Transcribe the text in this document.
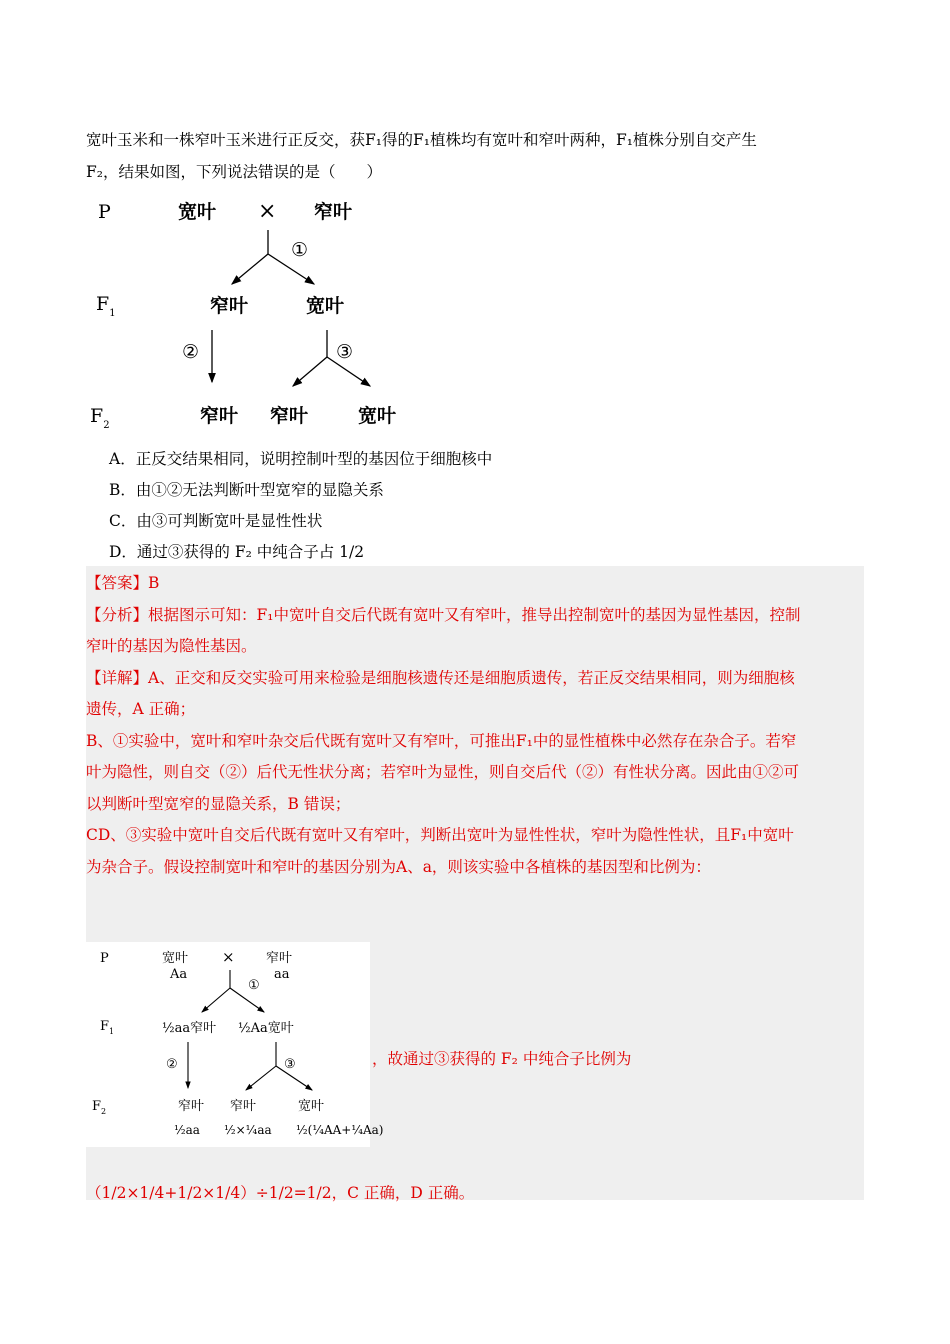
宽叶玉米和一株窄叶玉米进行正反交，获F₁得的F₁植株均有宽叶和窄叶两种，F₁植株分别自交产生
F₂，结果如图，下列说法错误的是（　　）
P	宽叶 × 窄叶
①
$F_1$	窄叶	宽叶
②	③
$F_2$	窄叶 窄叶	宽叶
A．正反交结果相同，说明控制叶型的基因位于细胞核中
B．由①②无法判断叶型宽窄的显隐关系
C．由③可判断宽叶是显性性状
D．通过③获得的 F₂ 中纯合子占 1/2
【答案】B
【分析】根据图示可知：F₁中宽叶自交后代既有宽叶又有窄叶，推导出控制宽叶的基因为显性基因，控制
窄叶的基因为隐性基因。
【详解】A、正交和反交实验可用来检验是细胞核遗传还是细胞质遗传，若正反交结果相同，则为细胞核
遗传，A 正确；
B、①实验中，宽叶和窄叶杂交后代既有宽叶又有窄叶，可推出F₁中的显性植株中必然存在杂合子。若窄
叶为隐性，则自交（②）后代无性状分离；若窄叶为显性，则自交后代（②）有性状分离。因此由①②可
以判断叶型宽窄的显隐关系，B 错误；
CD、③实验中宽叶自交后代既有宽叶又有窄叶，判断出宽叶为显性性状，窄叶为隐性性状，且F₁中宽叶
为杂合子。假设控制宽叶和窄叶的基因分别为A、a，则该实验中各植株的基因型和比例为：
P	宽叶
Aa
× 窄叶
aa
①
$F_1$	½aa窄叶 ½Aa宽叶
②	③
$F_2$	窄叶 窄叶	宽叶
½aa ½×¼aa ½(¼AA+¼Aa)
，故通过③获得的 F₂ 中纯合子比例为
（1/2×1/4+1/2×1/4）÷1/2=1/2，C 正确，D 正确。
